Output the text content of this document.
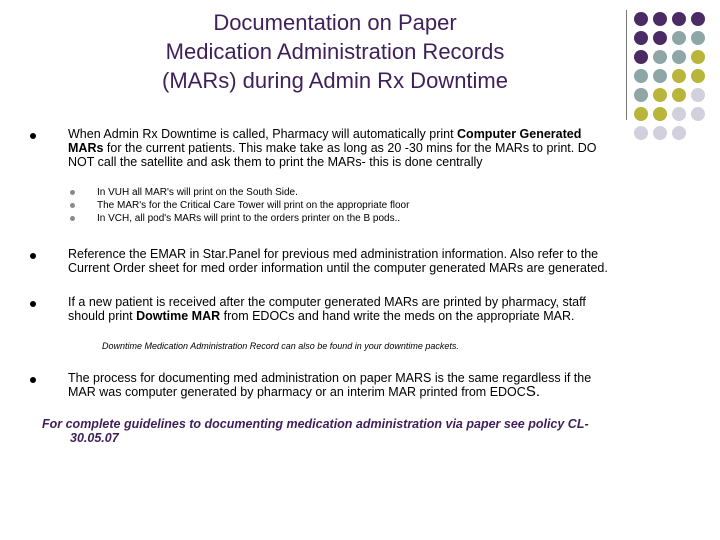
Documentation on Paper
Medication Administration Records
(MARs) during Admin Rx Downtime
When Admin Rx Downtime is called, Pharmacy will automatically print Computer Generated
MARs for the current patients. This make take as long as 20 -30 mins for the MARs to print. DO
NOT call the satellite and ask them to print the MARs- this is done centrally
In VUH all MAR's will print on the South Side.
The MAR's for the Critical Care Tower will print on the appropriate floor
In VCH, all pod's MARs will print to the orders printer on the B pods..
Reference the EMAR in Star.Panel for previous med administration information. Also refer to the
Current Order sheet for med order information until the computer generated MARs are generated.
If a new patient is received after the computer generated MARs are printed by pharmacy, staff
should print Dowtime MAR from EDOCs and hand write the meds on the appropriate MAR.
Downtime Medication Administration Record can also be found in your downtime packets.
The process for documenting med administration on paper MARS is the same regardless if the
MAR was computer generated by pharmacy or an interim MAR printed from EDOCS.
For complete guidelines to documenting medication administration via paper see policy CL-
30.05.07
